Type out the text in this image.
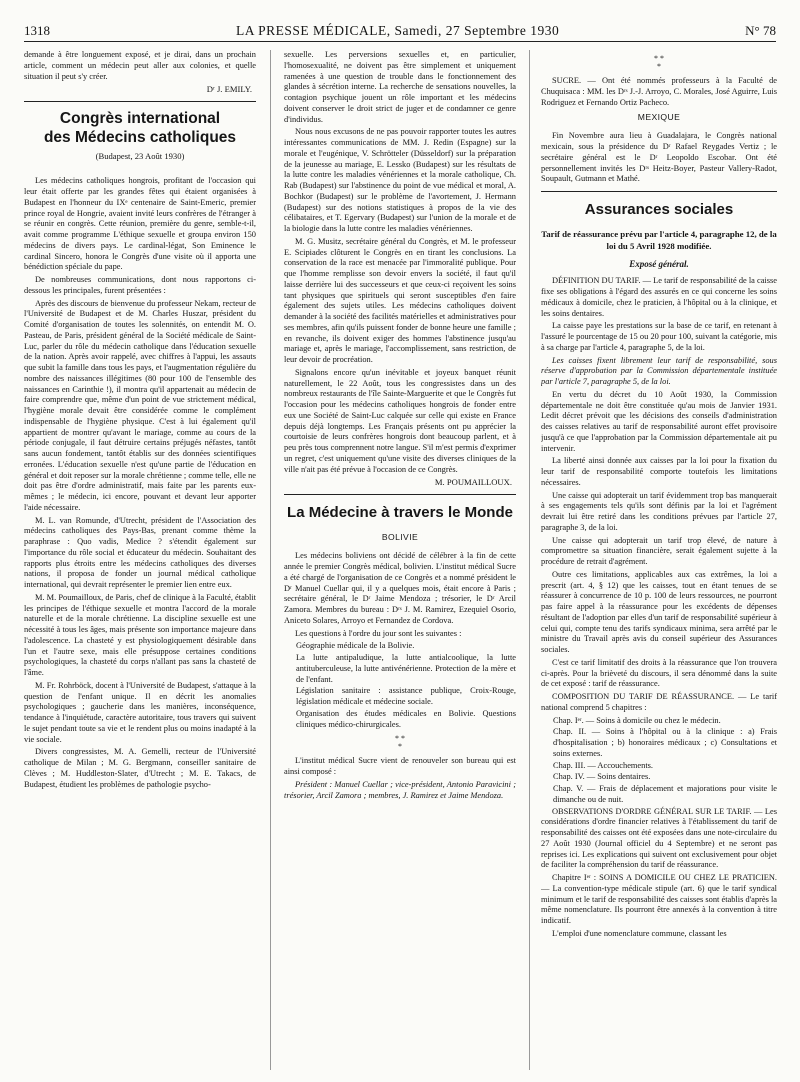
1318	LA PRESSE MÉDICALE, Samedi, 27 Septembre 1930	N° 78

demande à être longuement exposé, et je dirai, dans un prochain article, comment un médecin peut aller aux colonies, et quelle situation il peut s'y créer.

Dʳ J. EMILY.
Congrès international
des Médecins catholiques
(Budapest, 23 Août 1930)

Les médecins catholiques hongrois, profitant de l'occasion qui leur était offerte par les grandes fêtes qui étaient organisées à Budapest en l'honneur du IXᵉ centenaire de Saint-Emeric, premier prince royal de Hongrie, avaient invité leurs confrères de l'étranger à se réunir en congrès. Cette réunion, première du genre, semble-t-il, avait comme programme L'éthique sexuelle et groupa environ 150 médecins de divers pays. Le cardinal-légat, Son Eminence le cardinal Sincero, honora le Congrès d'une visite où il apporta une bénédiction spéciale du pape.

De nombreuses communications, dont nous rapportons ci-dessous les principales, furent présentées :

Après des discours de bienvenue du professeur Nekam, recteur de l'Université de Budapest et de M. Charles Huszar, président du Comité d'organisation de toutes les solennités, on entendit M. O. Pasteau, de Paris, président général de la Société médicale de Saint-Luc, parler du rôle du médecin catholique dans l'éducation sexuelle de la nation. Après avoir rappelé, avec chiffres à l'appui, les assauts que subit la famille dans tous les pays, et l'augmentation régulière du nombre des naissances illégitimes (80 pour 100 de l'ensemble des naissances en Carinthie !), il montra qu'il appartenait au médecin de faire comprendre que, même d'un point de vue strictement médical, l'hygiène morale devait être considérée comme le complément indispensable de l'hygiène physique. C'est à lui également qu'il appartient de montrer qu'avant le mariage, comme au cours de la période conjugale, il faut détruire certains préjugés néfastes, tantôt sans aucun fondement, tantôt établis sur des données scientifiques erronées. L'éducation sexuelle n'est qu'une partie de l'éducation en général et doit reposer sur la morale chrétienne ; comme telle, elle ne doit pas être d'ordre administratif, mais faite par les parents eux-mêmes ; le médecin, ici encore, pouvant et devant leur apporter l'aide nécessaire.

M. L. van Romunde, d'Utrecht, président de l'Association des médecins catholiques des Pays-Bas, prenant comme thème la paraphrase : Quo vadis, Medice ? s'étendit également sur l'importance du rôle social et éducateur du médecin. Souhaitant des rapports plus étroits entre les médecins catholiques des diverses nations, il proposa de fonder un journal médical catholique international, qui devrait représenter le premier lien entre eux.

M. M. Poumailloux, de Paris, chef de clinique à la Faculté, établit les principes de l'éthique sexuelle et montra l'accord de la morale naturelle et de la morale chrétienne. La discipline sexuelle est une nécessité à tous les âges, mais présente son importance majeure dans l'adolescence. La chasteté y est physiologiquement désirable dans l'un et l'autre sexe, mais elle présuppose certaines conditions psychologiques, la chasteté du corps n'allant pas sans la chasteté de l'âme.

M. Fr. Rohrböck, docent à l'Université de Budapest, s'attaque à la question de l'enfant unique. Il en décrit les anomalies psychologiques ; gaucherie dans les manières, inconséquence, tendance à l'inquiétude, caractère autoritaire, tous travers qui suivent le sujet pendant toute sa vie et le rendent plus ou moins inadapté à la vie sociale.

Divers congressistes, M. A. Gemelli, recteur de l'Université catholique de Milan ; M. G. Bergmann, conseiller sanitaire de Clèves ; M. Huddleston-Slater, d'Utrecht ; M. E. Takacs, de Budapest, étudient les problèmes de pathologie psycho-

sexuelle. Les perversions sexuelles et, en particulier, l'homosexualité, ne doivent pas être simplement et uniquement ramenées à une question de trouble dans le fonctionnement des glandes à sécrétion interne. La recherche de sensations nouvelles, la contagion psychique jouent un rôle important et les médecins doivent conserver le droit strict de juger et de condamner ce genre d'individus.

Nous nous excusons de ne pas pouvoir rapporter toutes les autres intéressantes communications de MM. J. Redin (Espagne) sur la morale et l'eugénique, V. Schrötteler (Düsseldorf) sur la préparation de la jeunesse au mariage, E. Lessko (Budapest) sur les résultats de la lutte contre les maladies vénériennes et la morale catholique, Ch. Rab (Budapest) sur l'abstinence du point de vue médical et moral, A. Bochkor (Budapest) sur le problème de l'avortement, J. Hermann (Budapest) sur des notions statistiques à propos de la vie des célibataires, et T. Egervary (Budapest) sur l'union de la morale et de la biologie dans la lutte contre les maladies vénériennes.

M. G. Musitz, secrétaire général du Congrès, et M. le professeur E. Scipiades clôturent le Congrès en en tirant les conclusions. La conservation de la race est menacée par l'immoralité publique. Pour que l'homme remplisse son devoir envers la société, il faut qu'il laisse derrière lui des successeurs et que ceux-ci reçoivent les soins tant physiques que spirituels qui seront susceptibles d'en faire également des sujets utiles. Les médecins catholiques doivent demander à la société des facilités matérielles et administratives pour ses membres, afin qu'ils puissent fonder de bonne heure une famille ; en revanche, ils doivent exiger des hommes l'abstinence jusqu'au mariage et, après le mariage, l'accomplissement, sans restriction, de leur devoir de procréation.

Signalons encore qu'un inévitable et joyeux banquet réunit naturellement, le 22 Août, tous les congressistes dans un des nombreux restaurants de l'île Sainte-Marguerite et que le Congrès fut l'occasion pour les médecins catholiques hongrois de fonder entre eux une Société de Saint-Luc calquée sur celle qui existe en France depuis déjà longtemps. Les Français présents ont pu apprécier la courtoisie de leurs confrères hongrois dont beaucoup parlent, et à peu près tous comprennent notre langue. S'il m'est permis d'exprimer un regret, c'est uniquement qu'une visite des diverses cliniques de la ville n'ait pas été prévue à l'occasion de ce Congrès.

M. POUMAILLOUX.
La Médecine à travers le Monde
BOLIVIE

Les médecins boliviens ont décidé de célébrer à la fin de cette année le premier Congrès médical, bolivien. L'institut médical Sucre a été chargé de l'organisation de ce Congrès et a nommé président le Dʳ Manuel Cuellar qui, il y a quelques mois, était encore à Paris ; secrétaire général, le Dʳ Jaime Mendoza ; trésorier, le Dʳ Arcil Zamora. Membres du bureau : Dʳˢ J. M. Ramirez, Ezequiel Osorio, Aniceto Solares, Arroyo et Fernandez de Cordova.

Les questions à l'ordre du jour sont les suivantes :

Géographie médicale de la Bolivie.
La lutte antipaludique, la lutte antialcoolique, la lutte antituberculeuse, la lutte antivénérienne. Protection de la mère et de l'enfant.
Législation sanitaire : assistance publique, Croix-Rouge, législation médicale et médecine sociale.
Organisation des études médicales en Bolivie. Questions cliniques médico-chirurgicales.
* *
*

L'institut médical Sucre vient de renouveler son bureau qui est ainsi composé :

Président : Manuel Cuellar ; vice-président, Antonio Paravicini ; trésorier, Arcil Zamora ; membres, J. Ramirez et Jaime Mendoza.

* *
*

SUCRE. — Ont été nommés professeurs à la Faculté de Chuquisaca : MM. les Dʳˢ J.-J. Arroyo, C. Morales, José Aguirre, Luis Rodriguez et Fernando Ortiz Pacheco.

MEXIQUE

Fin Novembre aura lieu à Guadalajara, le Congrès national mexicain, sous la présidence du Dʳ Rafael Reygades Vertiz ; le secrétaire général est le Dʳ Leopoldo Escobar. Ont été personnellement invités les Dʳˢ Heitz-Boyer, Pasteur Vallery-Radot, Soupault, Gutmann et Mathé.

Assurances sociales
Tarif de réassurance prévu par l'article 4, paragraphe 12, de la loi du 5 Avril 1928 modifiée.
Exposé général.

DÉFINITION DU TARIF. — Le tarif de responsabilité de la caisse fixe ses obligations à l'égard des assurés en ce qui concerne les soins médicaux à domicile, chez le praticien, à l'hôpital ou à la clinique, et les soins dentaires.

La caisse paye les prestations sur la base de ce tarif, en retenant à l'assuré le pourcentage de 15 ou 20 pour 100, suivant la catégorie, mis à sa charge par l'article 4, paragraphe 5, de la loi.

Les caisses fixent librement leur tarif de responsabilité, sous réserve d'approbation par la Commission départementale instituée par l'article 7, paragraphe 5, de la loi.

En vertu du décret du 10 Août 1930, la Commission départementale ne doit être constituée qu'au mois de Janvier 1931. Ledit décret prévoit que les décisions des conseils d'administration des caisses relatives au tarif de responsabilité auront effet provisoire jusqu'à ce que l'approbation par la Commission départementale ait pu intervenir.

La liberté ainsi donnée aux caisses par la loi pour la fixation du leur tarif de responsabilité comporte toutefois les limitations nécessaires.

Une caisse qui adopterait un tarif évidemment trop bas manquerait à ses engagements tels qu'ils sont définis par la loi et l'agrément devrait lui être retiré dans les conditions prévues par l'article 27, paragraphe 3, de la loi.

Une caisse qui adopterait un tarif trop élevé, de nature à compromettre sa situation financière, serait également sujette à la procédure de retrait d'agrément.

Outre ces limitations, applicables aux cas extrêmes, la loi a prescrit (art. 4, § 12) que les caisses, tout en étant tenues de se réassurer à concurrence de 10 p. 100 de leurs ressources, ne pourront pas faire appel à la réassurance pour les excédents de dépenses résultant de l'adoption par elles d'un tarif de responsabilité supérieur à celui qui, compte tenu des tarifs syndicaux minima, sera arrêté par le ministre du Travail après avis du conseil supérieur des Assurances sociales.

C'est ce tarif limitatif des droits à la réassurance que l'on trouvera ci-après. Pour la brièveté du discours, il sera dénommé dans la suite de cet exposé : tarif de réassurance.

COMPOSITION DU TARIF DE RÉASSURANCE. — Le tarif national comprend 5 chapitres :

Chap. Iᵉʳ. — Soins à domicile ou chez le médecin.
Chap. II. — Soins à l'hôpital ou à la clinique : a) Frais d'hospitalisation ; b) honoraires médicaux ; c) Consultations et soins externes.
Chap. III. — Accouchements.
Chap. IV. — Soins dentaires.
Chap. V. — Frais de déplacement et majorations pour visite le dimanche ou de nuit.

OBSERVATIONS D'ORDRE GÉNÉRAL SUR LE TARIF. — Les considérations d'ordre financier relatives à l'établissement du tarif de responsabilité des caisses ont été exposées dans une note-circulaire du 27 Août 1930 (Journal officiel du 4 Septembre) et ne seront pas reprises ici. Les explications qui suivent ont exclusivement pour objet de faciliter la compréhension du tarif de réassurance.

Chapitre Iᵉʳ : SOINS A DOMICILE OU CHEZ LE PRATICIEN. — La convention-type médicale stipule (art. 6) que le tarif syndical minimum et le tarif de responsabilité des caisses sont établis d'après la même nomenclature. Ils pourront être annexés à la convention à titre indicatif.

L'emploi d'une nomenclature commune, classant les
